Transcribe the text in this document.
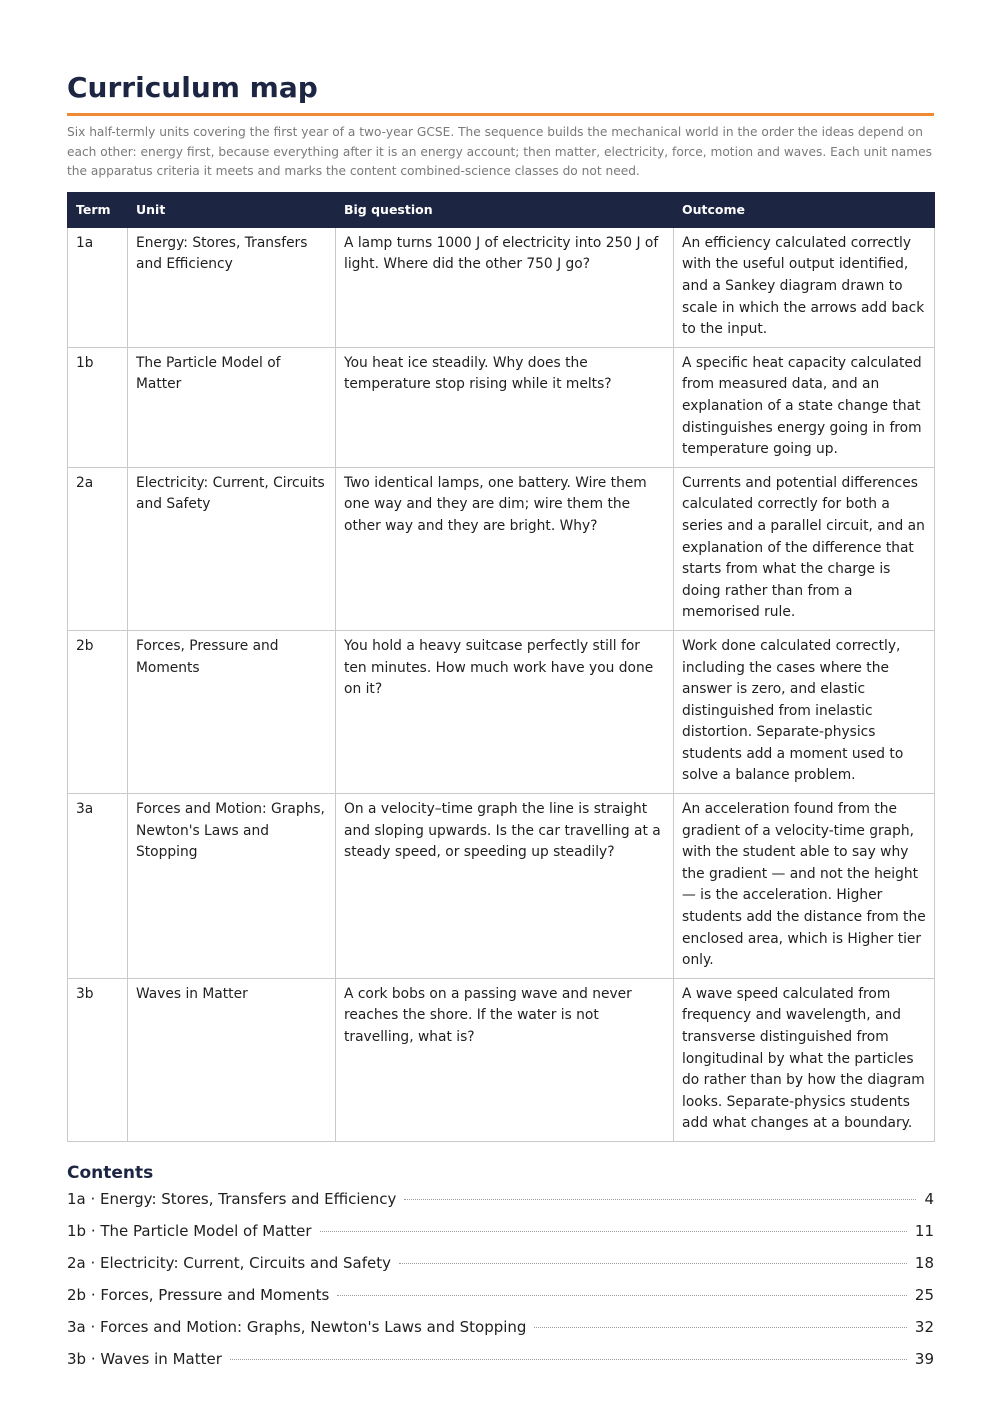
Curriculum map

Six half-termly units covering the first year of a two-year GCSE. The sequence builds the mechanical world in the order the ideas depend on each other: energy first, because everything after it is an energy account; then matter, electricity, force, motion and waves. Each unit names the apparatus criteria it meets and marks the content combined-science classes do not need.

Term	Unit	Big question	Outcome
1a	Energy: Stores, Transfers and Efficiency	A lamp turns 1000 J of electricity into 250 J of light. Where did the other 750 J go?	An efficiency calculated correctly with the useful output identified, and a Sankey diagram drawn to scale in which the arrows add back to the input.
1b	The Particle Model of Matter	You heat ice steadily. Why does the temperature stop rising while it melts?	A specific heat capacity calculated from measured data, and an explanation of a state change that distinguishes energy going in from temperature going up.
2a	Electricity: Current, Circuits and Safety	Two identical lamps, one battery. Wire them one way and they are dim; wire them the other way and they are bright. Why?	Currents and potential differences calculated correctly for both a series and a parallel circuit, and an explanation of the difference that starts from what the charge is doing rather than from a memorised rule.
2b	Forces, Pressure and Moments	You hold a heavy suitcase perfectly still for ten minutes. How much work have you done on it?	Work done calculated correctly, including the cases where the answer is zero, and elastic distinguished from inelastic distortion. Separate-physics students add a moment used to solve a balance problem.
3a	Forces and Motion: Graphs, Newton's Laws and Stopping	On a velocity–time graph the line is straight and sloping upwards. Is the car travelling at a steady speed, or speeding up steadily?	An acceleration found from the gradient of a velocity-time graph, with the student able to say why the gradient — and not the height — is the acceleration. Higher students add the distance from the enclosed area, which is Higher tier only.
3b	Waves in Matter	A cork bobs on a passing wave and never reaches the shore. If the water is not travelling, what is?	A wave speed calculated from frequency and wavelength, and transverse distinguished from longitudinal by what the particles do rather than by how the diagram looks. Separate-physics students add what changes at a boundary.
Contents
1a · Energy: Stores, Transfers and Efficiency	4
1b · The Particle Model of Matter	11
2a · Electricity: Current, Circuits and Safety	18
2b · Forces, Pressure and Moments	25
3a · Forces and Motion: Graphs, Newton's Laws and Stopping	32
3b · Waves in Matter	39
